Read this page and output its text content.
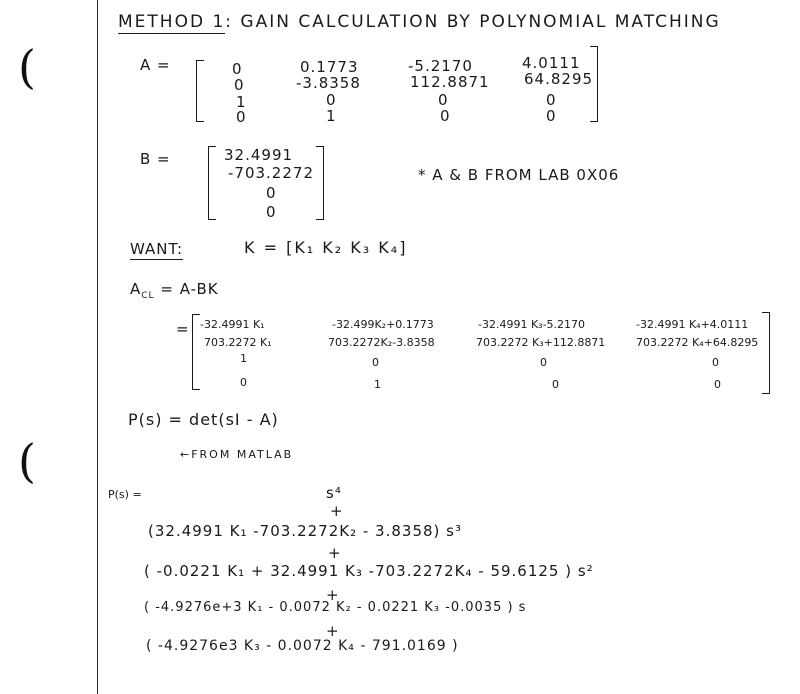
(
(
METHOD 1: GAIN CALCULATION BY POLYNOMIAL MATCHING
A =	0	0.1773	-5.2170	4.0111
0	-3.8358	112.8871 64.8295
1	0	0	0
0	1	0	0
B =	32.4991
-703.2272
0
0
* A & B FROM LAB 0X06
WANT:	K = [K₁ K₂ K₃ K₄]
$A_{CL} = A-BK$
= -32.4991 K₁	-32.499K₂+0.1773	-32.4991 K₃-5.2170	-32.4991 K₄+4.0111
703.2272 K₁	703.2272K₂-3.8358	703.2272 K₃+112.8871	703.2272 K₄+64.8295
1	0	0	0
0	1	0	0
P(s) = det(sI - A)
←FROM MATLAB
P(s) =	s⁴
+
(32.4991 K₁ -703.2272K₂ - 3.8358) s³
+
( -0.0221 K₁ + 32.4991 K₃ -703.2272K₄ - 59.6125 ) s²
+
( -4.9276e+3 K₁ - 0.0072 K₂ - 0.0221 K₃ -0.0035 ) s
+
( -4.9276e3 K₃ - 0.0072 K₄ - 791.0169 )
